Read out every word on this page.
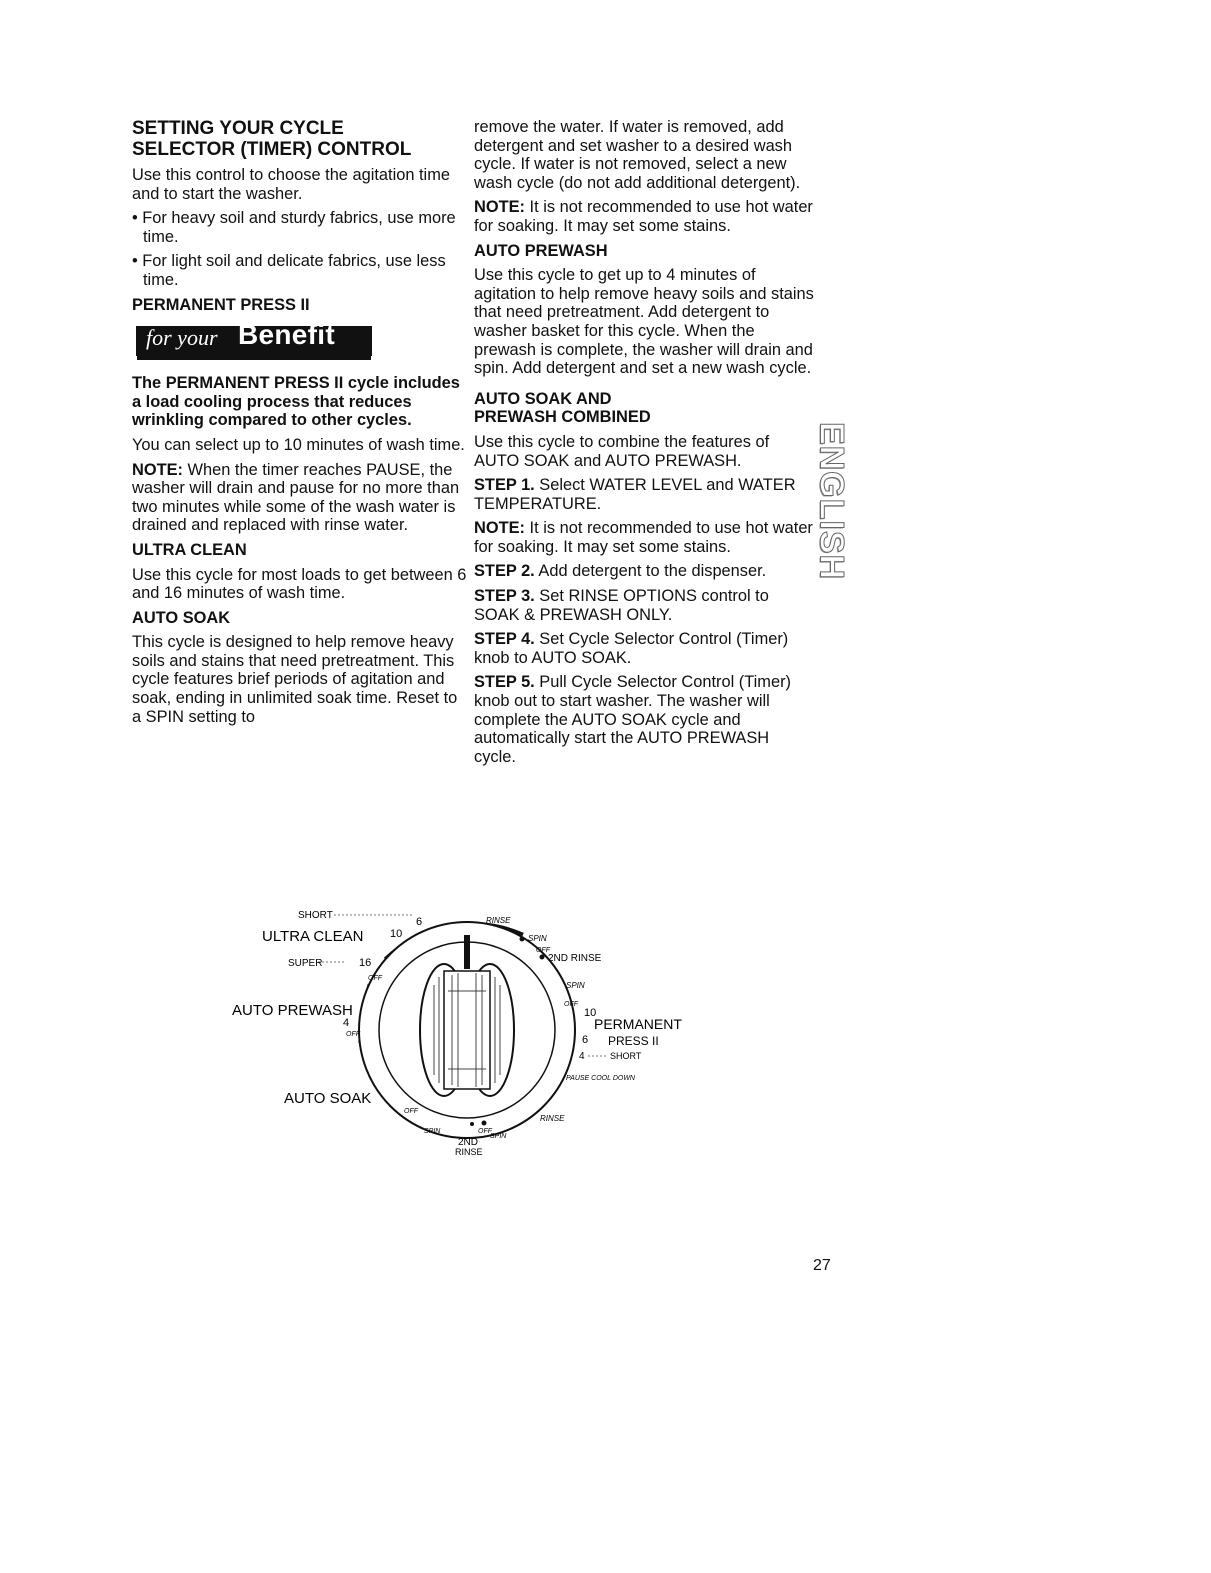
SETTING YOUR CYCLE
SELECTOR (TIMER) CONTROL

Use this control to choose the agitation time and to start the washer.

• For heavy soil and sturdy fabrics, use more time.

• For light soil and delicate fabrics, use less time.

PERMANENT PRESS II

for your Benefit

The PERMANENT PRESS II cycle includes a load cooling process that reduces wrinkling compared to other cycles.

You can select up to 10 minutes of wash time.

NOTE: When the timer reaches PAUSE, the washer will drain and pause for no more than two minutes while some of the wash water is drained and replaced with rinse water.

ULTRA CLEAN

Use this cycle for most loads to get between 6 and 16 minutes of wash time.

AUTO SOAK

This cycle is designed to help remove heavy soils and stains that need pretreatment. This cycle features brief periods of agitation and soak, ending in unlimited soak time. Reset to a SPIN setting to

remove the water. If water is removed, add detergent and set washer to a desired wash cycle. If water is not removed, select a new wash cycle (do not add additional detergent).

NOTE: It is not recommended to use hot water for soaking. It may set some stains.

AUTO PREWASH

Use this cycle to get up to 4 minutes of agitation to help remove heavy soils and stains that need pretreatment. Add detergent to washer basket for this cycle. When the prewash is complete, the washer will drain and spin. Add detergent and set a new wash cycle.

AUTO SOAK AND
PREWASH COMBINED

Use this cycle to combine the features of AUTO SOAK and AUTO PREWASH.

STEP 1. Select WATER LEVEL and WATER TEMPERATURE.

NOTE: It is not recommended to use hot water for soaking. It may set some stains.

STEP 2. Add detergent to the dispenser.

STEP 3. Set RINSE OPTIONS control to SOAK & PREWASH ONLY.

STEP 4. Set Cycle Selector Control (Timer) knob to AUTO SOAK.

STEP 5. Pull Cycle Selector Control (Timer) knob out to start washer. The washer will complete the AUTO SOAK cycle and automatically start the AUTO PREWASH cycle.

ENGLISH
SHORT
ULTRA CLEAN
SUPER
AUTO PREWASH
AUTO SOAK
6
10
16
4
OFF
OFF
RINSE
SPIN
OFF
2ND RINSE
SPIN
OFF
10
PERMANENT
6 PRESS II
4	SHORT
PAUSE COOL DOWN
RINSE
OFF
SPIN	OFF
SPIN
2ND
RINSE
27
